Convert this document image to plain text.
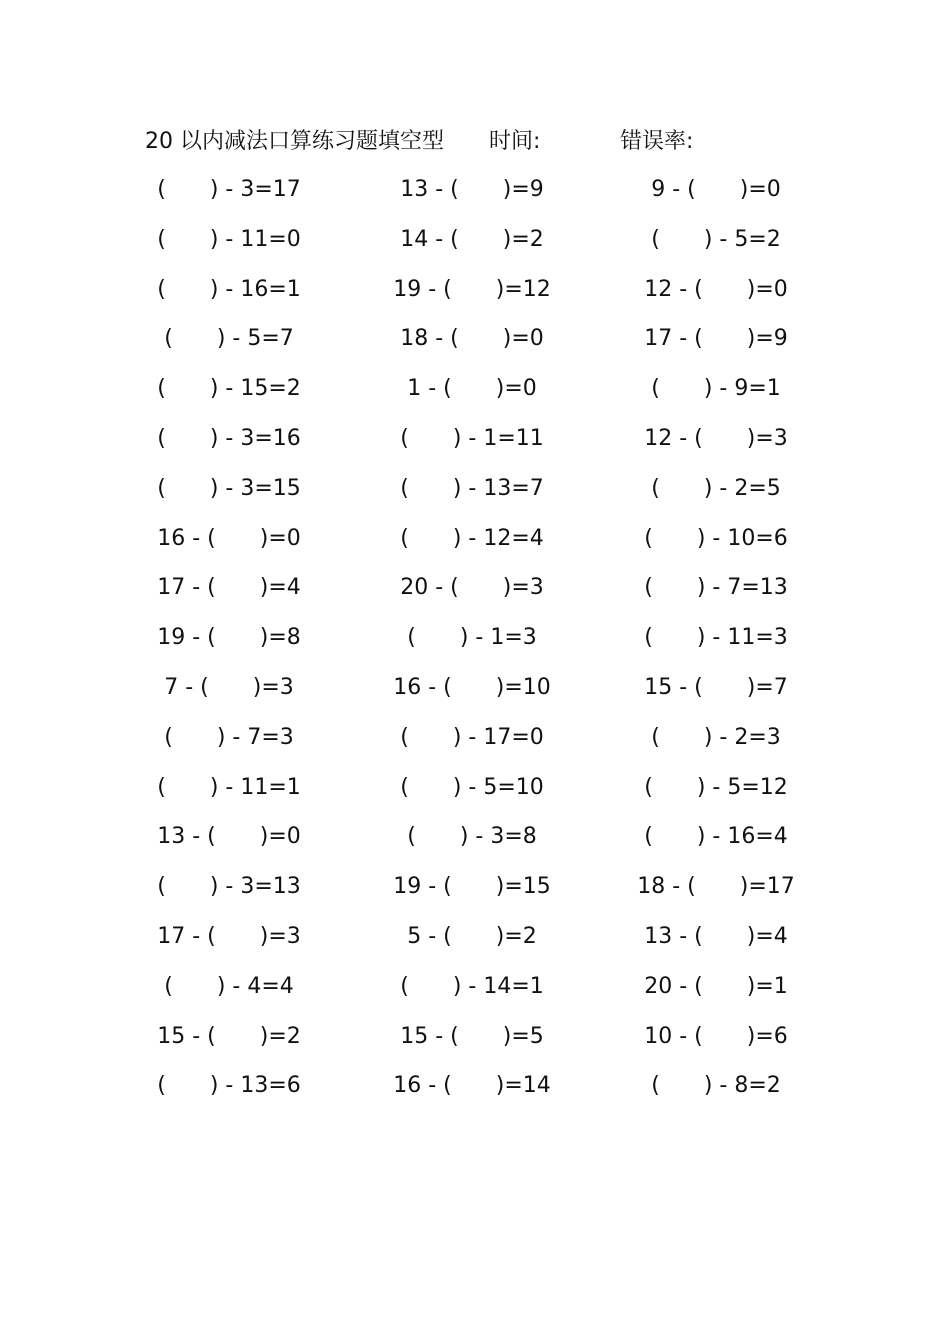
20 以内减法口算练习题填空型 时间:	错误率:
(  ) - 3=17
(  ) - 11=0
(  ) - 16=1
(  ) - 5=7
(  ) - 15=2
(  ) - 3=16
(  ) - 3=15
16 - (  )=0
17 - (  )=4
19 - (  )=8
7 - (  )=3
(  ) - 7=3
(  ) - 11=1
13 - (  )=0
(  ) - 3=13
17 - (  )=3
(  ) - 4=4
15 - (  )=2
(  ) - 13=6
13 - (  )=9
14 - (  )=2
19 - (  )=12
18 - (  )=0
1 - (  )=0
(  ) - 1=11
(  ) - 13=7
(  ) - 12=4
20 - (  )=3
(  ) - 1=3
16 - (  )=10
(  ) - 17=0
(  ) - 5=10
(  ) - 3=8
19 - (  )=15
5 - (  )=2
(  ) - 14=1
15 - (  )=5
16 - (  )=14
9 - (  )=0
(  ) - 5=2
12 - (  )=0
17 - (  )=9
(  ) - 9=1
12 - (  )=3
(  ) - 2=5
(  ) - 10=6
(  ) - 7=13
(  ) - 11=3
15 - (  )=7
(  ) - 2=3
(  ) - 5=12
(  ) - 16=4
18 - (  )=17
13 - (  )=4
20 - (  )=1
10 - (  )=6
(  ) - 8=2
